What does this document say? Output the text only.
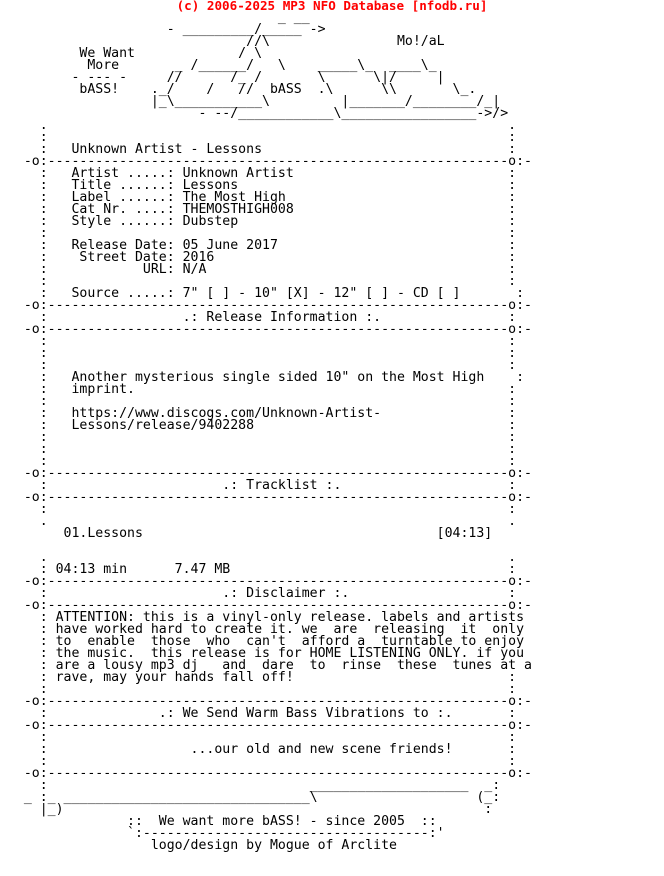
(c) 2006-2025 MP3 NFO Database [nfodb.ru]
_ __
- _________/_____ ->
//\                Mo!/aL
We Want             / \
More       _ /______/   \    _____\_  ____\_
- --- -     //      /_ /       \      \|/     |
bASS!    ._/    /   //  bASS  .\      \\       \_.
|_\___________\         |_______/________/_|
- --/____________\_________________->/>
.                                                          .
:                                                          :
:   Unknown Artist - Lessons                               :
-o:----------------------------------------------------------o:-
:   Artist .....: Unknown Artist                           :
:   Title ......: Lessons                                  :
:   Label ......: The Most High                            :
:   Cat Nr. ....: THEMOSTHIGH008                           :
:   Style ......: Dubstep                                  :
:                                                          :
:   Release Date: 05 June 2017                             :
:    Street Date: 2016                                     :
:            URL: N/A                                      :
:                                                          :
:   Source .....: 7" [ ] - 10" [X] - 12" [ ] - CD [ ]       :
-o:----------------------------------------------------------o:-
:                 .: Release Information :.                :
-o:----------------------------------------------------------o:-
:                                                          :
:                                                          :
:                                                          :
:   Another mysterious single sided 10" on the Most High    :
:   imprint.                                               :
:                                                          :
:   https://www.discogs.com/Unknown-Artist-                :
:   Lessons/release/9402288                                :
:                                                          :
:                                                          :
:                                                          :
-o:----------------------------------------------------------o:-
:                      .: Tracklist :.                     :
-o:----------------------------------------------------------o:-
:                                                          :
.                                                          .
01.Lessons                                     [04:13]

.                                                          .
: 04:13 min      7.47 MB                                   :
-o:----------------------------------------------------------o:-
:                      .: Disclaimer :.                    :
-o:----------------------------------------------------------o:-
: ATTENTION: this is a vinyl-only release. labels and artists
: have worked hard to create it. we  are  releasing  it  only
: to  enable  those  who  can't  afford a  turntable to enjoy
: the music.  this release is for HOME LISTENING ONLY. if you
: are a lousy mp3 dj   and  dare  to  rinse  these  tunes at a
: rave, may your hands fall off!                           :
:                                                          :
-o:----------------------------------------------------------o:-
:              .: We Send Warm Bass Vibrations to :.       :
-o:----------------------------------------------------------o:-
:                                                          :
:                  ...our old and new scene friends!       :
:                                                          :
-o:----------------------------------------------------------o:-
:                                 ____________________  _:
_ :_ _______________________________\                    (_:
|_)                                                     :
::  We want more bASS! - since 2005  ::
`:------------------------------------:'
logo/design by Mogue of Arclite
